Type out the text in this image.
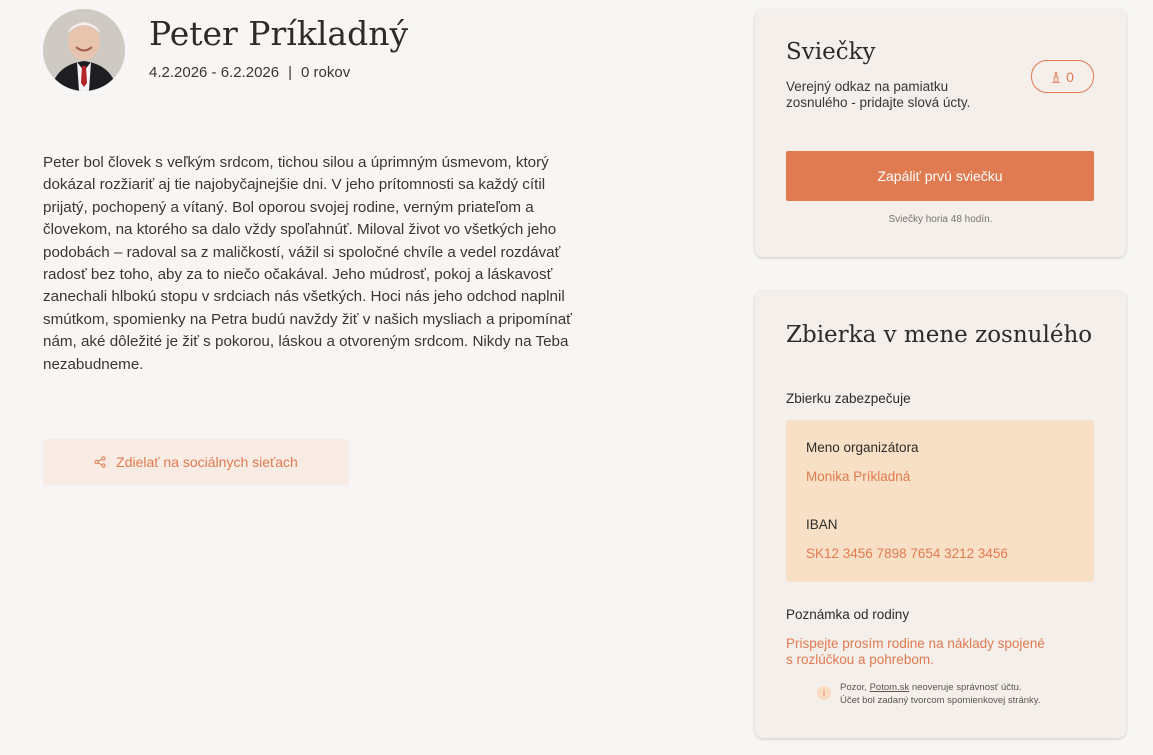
Peter Príkladný
4.2.2026 - 6.2.2026 | 0 rokov
Peter bol človek s veľkým srdcom, tichou silou a úprimným úsmevom, ktorý dokázal rozžiariť aj tie najobyčajnejšie dni. V jeho prítomnosti sa každý cítil prijatý, pochopený a vítaný. Bol oporou svojej rodine, verným priateľom a človekom, na ktorého sa dalo vždy spoľahnúť. Miloval život vo všetkých jeho podobách – radoval sa z maličkostí, vážil si spoločné chvíle a vedel rozdávať radosť bez toho, aby za to niečo očakával. Jeho múdrosť, pokoj a láskavosť zanechali hlbokú stopu v srdciach nás všetkých. Hoci nás jeho odchod naplnil smútkom, spomienky na Petra budú navždy žiť v našich mysliach a pripomínať nám, aké dôležité je žiť s pokorou, láskou a otvoreným srdcom. Nikdy na Teba nezabudneme.
Zdielať na sociálnych sieťach
Sviečky
Verejný odkaz na pamiatku zosnulého - pridajte slová úcty.
0
Zapáliť prvú sviečku
Sviečky horia 48 hodín.
Zbierka v mene zosnulého
Zbierku zabezpečuje
Meno organizátora
Monika Príkladná
IBAN
SK12 3456 7898 7654 3212 3456
Poznámka od rodiny
Prispejte prosím rodine na náklady spojené s rozlúčkou a pohrebom.
i	Pozor, Potom.sk neoveruje správnosť účtu.
Účet bol zadaný tvorcom spomienkovej stránky.
